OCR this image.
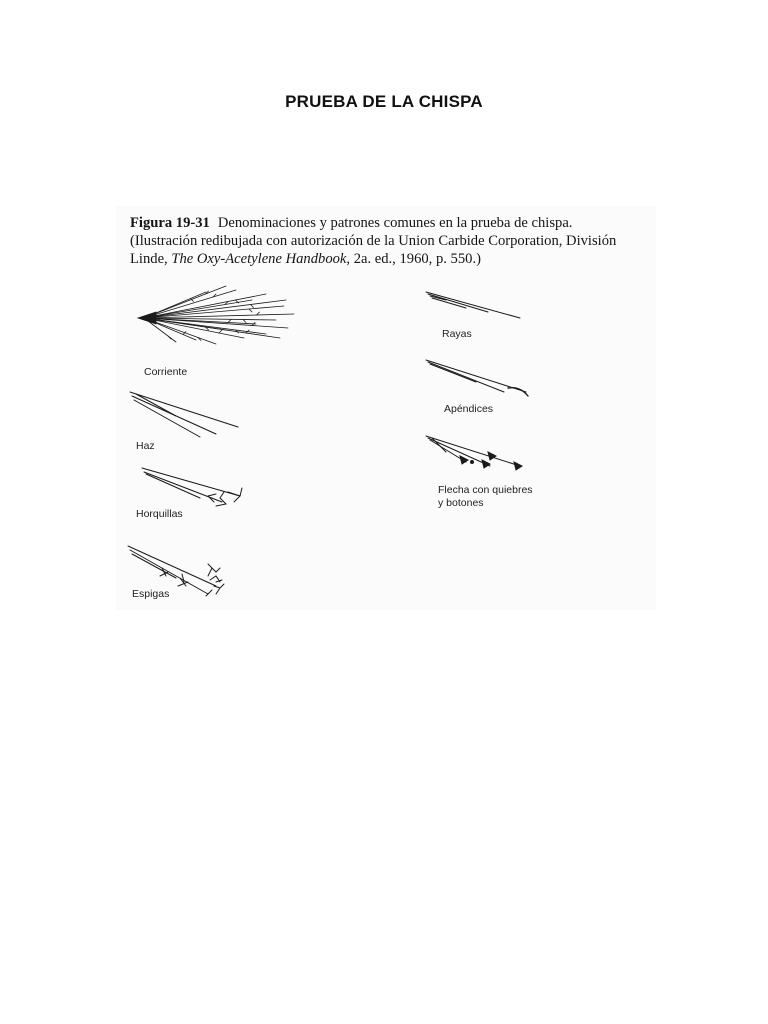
PRUEBA DE LA CHISPA
Figura 19-31 Denominaciones y patrones comunes en la prueba de chispa.
(Ilustración redibujada con autorización de la Union Carbide Corporation, División
Linde, The Oxy-Acetylene Handbook, 2a. ed., 1960, p. 550.)
Corriente
Haz
Horquillas
Espigas
Rayas
Apéndices
Flecha con quiebres
y botones
